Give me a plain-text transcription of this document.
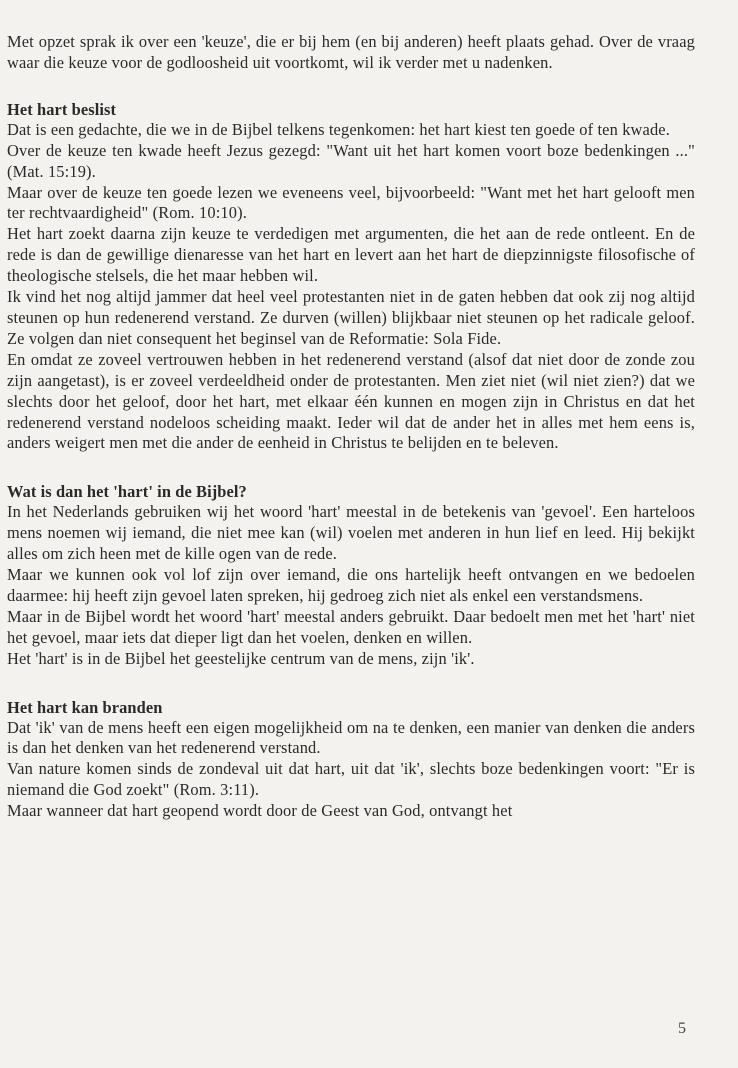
Met opzet sprak ik over een 'keuze', die er bij hem (en bij anderen) heeft plaats gehad. Over de vraag waar die keuze voor de godloosheid uit voortkomt, wil ik verder met u nadenken.

Het hart beslist

Dat is een gedachte, die we in de Bijbel telkens tegenkomen: het hart kiest ten goede of ten kwade.

Over de keuze ten kwade heeft Jezus gezegd: "Want uit het hart komen voort boze bedenkingen ..." (Mat. 15:19).

Maar over de keuze ten goede lezen we eveneens veel, bijvoorbeeld: "Want met het hart gelooft men ter rechtvaardigheid" (Rom. 10:10).

Het hart zoekt daarna zijn keuze te verdedigen met argumenten, die het aan de rede ontleent. En de rede is dan de gewillige dienaresse van het hart en levert aan het hart de diepzinnigste filosofische of theologische stelsels, die het maar hebben wil.

Ik vind het nog altijd jammer dat heel veel protestanten niet in de gaten hebben dat ook zij nog altijd steunen op hun redenerend verstand. Ze durven (willen) blijkbaar niet steunen op het radicale geloof. Ze volgen dan niet consequent het beginsel van de Reformatie: Sola Fide.

En omdat ze zoveel vertrouwen hebben in het redenerend verstand (alsof dat niet door de zonde zou zijn aangetast), is er zoveel verdeeldheid onder de protestanten. Men ziet niet (wil niet zien?) dat we slechts door het geloof, door het hart, met elkaar één kunnen en mogen zijn in Christus en dat het redenerend verstand nodeloos scheiding maakt. Ieder wil dat de ander het in alles met hem eens is, anders weigert men met die ander de eenheid in Christus te belijden en te beleven.

Wat is dan het 'hart' in de Bijbel?

In het Nederlands gebruiken wij het woord 'hart' meestal in de betekenis van 'gevoel'. Een harteloos mens noemen wij iemand, die niet mee kan (wil) voelen met anderen in hun lief en leed. Hij bekijkt alles om zich heen met de kille ogen van de rede.

Maar we kunnen ook vol lof zijn over iemand, die ons hartelijk heeft ontvangen en we bedoelen daarmee: hij heeft zijn gevoel laten spreken, hij gedroeg zich niet als enkel een verstandsmens.

Maar in de Bijbel wordt het woord 'hart' meestal anders gebruikt. Daar bedoelt men met het 'hart' niet het gevoel, maar iets dat dieper ligt dan het voelen, denken en willen.

Het 'hart' is in de Bijbel het geestelijke centrum van de mens, zijn 'ik'.

Het hart kan branden

Dat 'ik' van de mens heeft een eigen mogelijkheid om na te denken, een manier van denken die anders is dan het denken van het redenerend verstand.

Van nature komen sinds de zondeval uit dat hart, uit dat 'ik', slechts boze bedenkingen voort: "Er is niemand die God zoekt" (Rom. 3:11).

Maar wanneer dat hart geopend wordt door de Geest van God, ontvangt het

5
